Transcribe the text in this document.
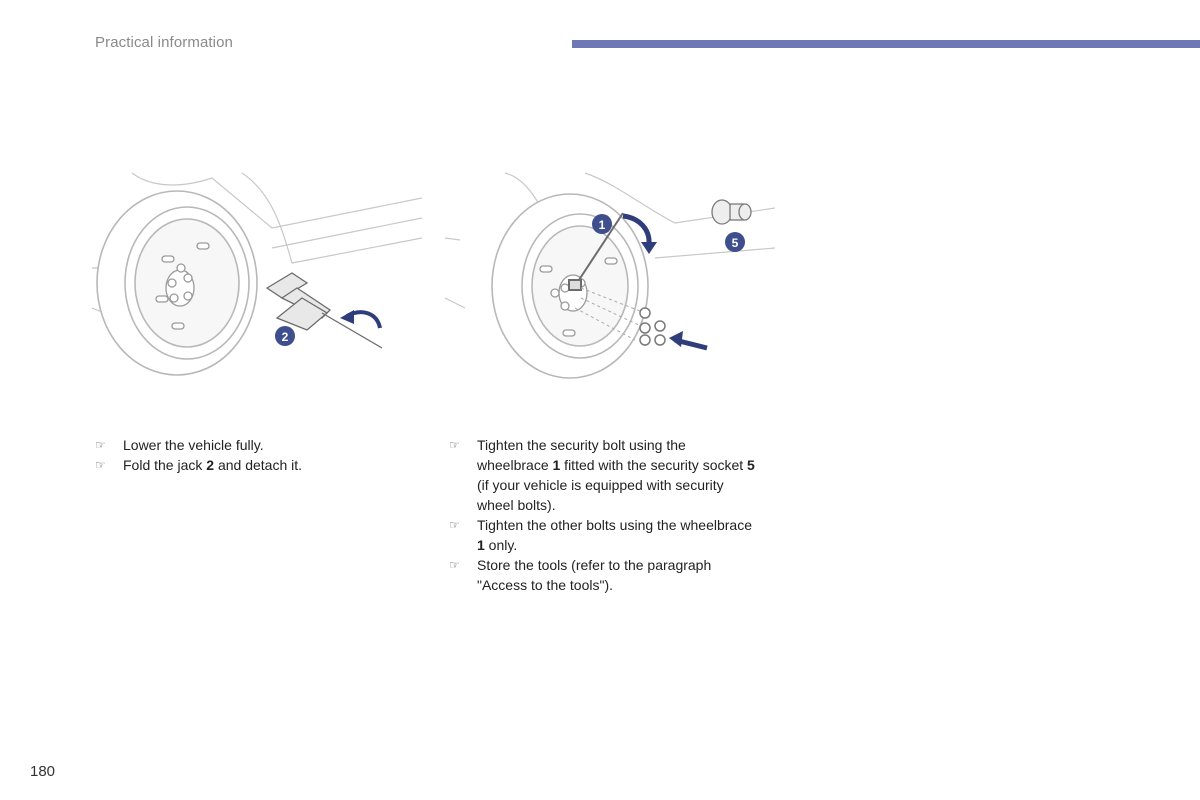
Practical information
2
1
5
☞ Lower the vehicle fully.
☞ Fold the jack 2 and detach it.
☞ Tighten the security bolt using the wheelbrace 1 fitted with the security socket 5 (if your vehicle is equipped with security wheel bolts).
☞ Tighten the other bolts using the wheelbrace 1 only.
☞ Store the tools (refer to the paragraph "Access to the tools").
180
